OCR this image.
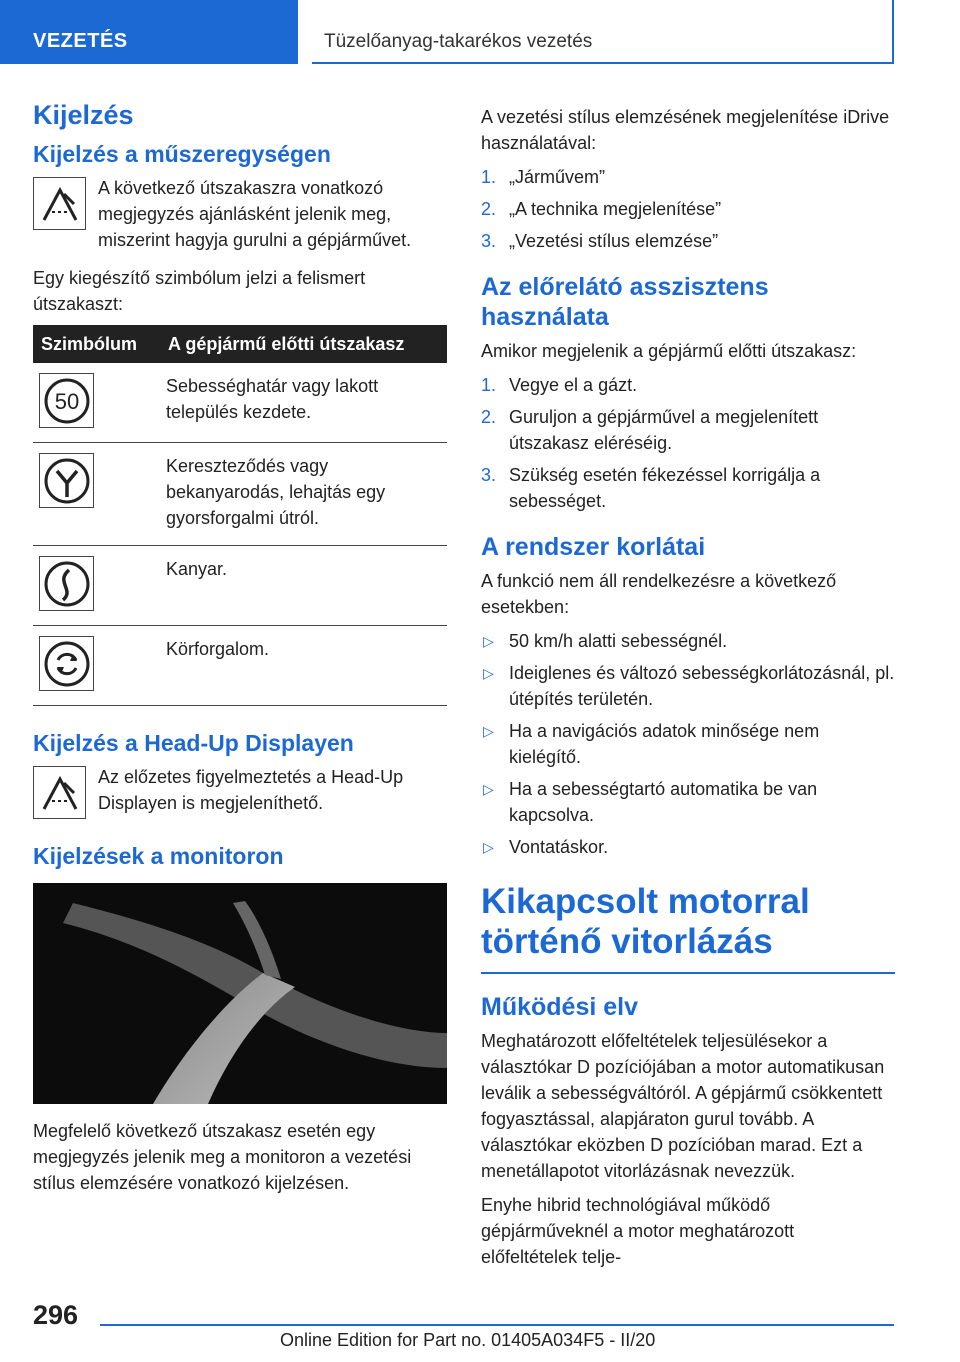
VEZETÉS	Tüzelőanyag-takarékos vezetés
Kijelzés
Kijelzés a műszeregységen

A következő útszakaszra vonatkozó megjegyzés ajánlásként jelenik meg, miszerint hagyja gurulni a gépjárművet.

Egy kiegészítő szimbólum jelzi a felismert útszakaszt:

Szimbólum	A gépjármű előtti útszakasz

50	Sebességhatár vagy lakott település kezdete.

	Kereszteződés vagy bekanyarodás, lehajtás egy gyorsforgalmi útról.

	Kanyar.

	Körforgalom.
Kijelzés a Head-Up Displayen

Az előzetes figyelmeztetés a Head-Up Displayen is megjeleníthető.

Kijelzések a monitoron

Megfelelő következő útszakasz esetén egy megjegyzés jelenik meg a monitoron a vezetési stílus elemzésére vonatkozó kijelzésen.

A vezetési stílus elemzésének megjelenítése iDrive használatával:

1. „Járművem”
2. „A technika megjelenítése”
3. „Vezetési stílus elemzése”
Az előrelátó asszisztens használata

Amikor megjelenik a gépjármű előtti útszakasz:

1. Vegye el a gázt.
2. Guruljon a gépjárművel a megjelenített útszakasz eléréséig.
3. Szükség esetén fékezéssel korrigálja a sebességet.
A rendszer korlátai

A funkció nem áll rendelkezésre a következő esetekben:

▷ 50 km/h alatti sebességnél.
▷ Ideiglenes és változó sebességkorlátozásnál, pl. útépítés területén.
▷ Ha a navigációs adatok minősége nem kielégítő.
▷ Ha a sebességtartó automatika be van kapcsolva.
▷ Vontatáskor.
Kikapcsolt motorral történő vitorlázás
Működési elv

Meghatározott előfeltételek teljesülésekor a választókar D pozíciójában a motor automatikusan leválik a sebességváltóról. A gépjármű csökkentett fogyasztással, alapjáraton gurul tovább. A választókar eközben D pozícióban marad. Ezt a menetállapotot vitorlázásnak nevezzük.

Enyhe hibrid technológiával működő gépjárműveknél a motor meghatározott előfeltételek telje-

296
Online Edition for Part no. 01405A034F5 - II/20
